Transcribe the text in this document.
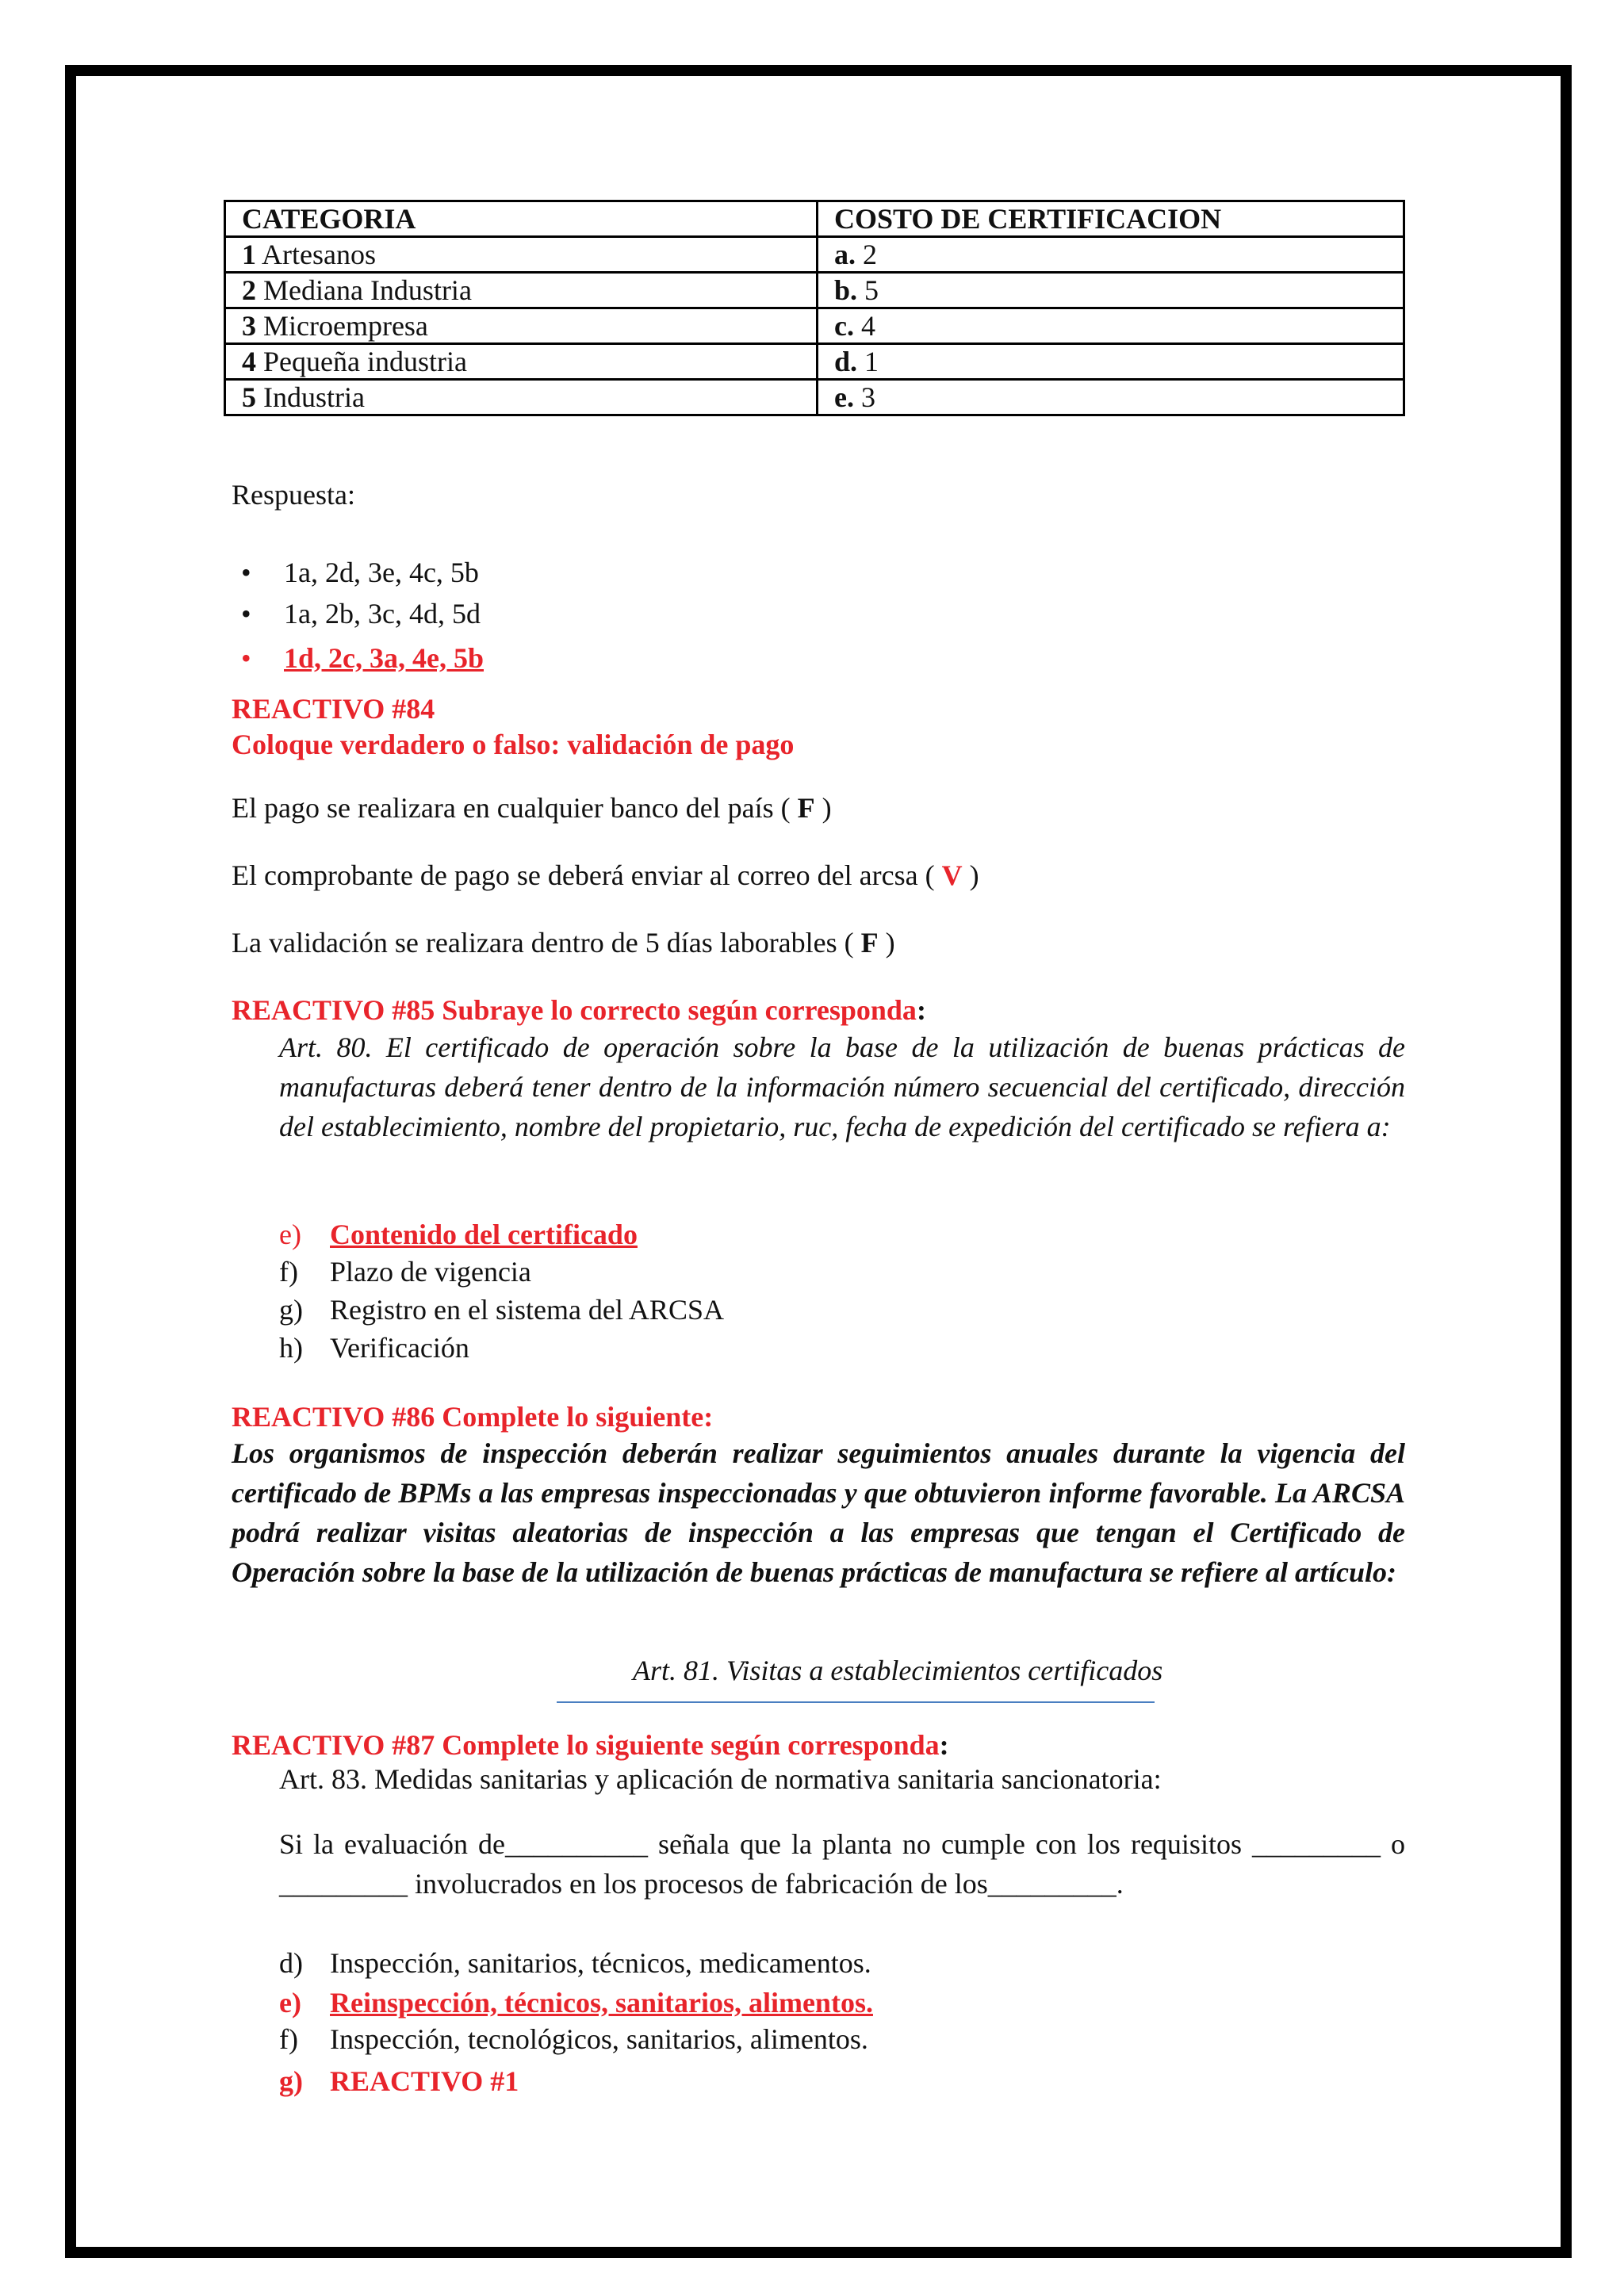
CATEGORIA	COSTO DE CERTIFICACION
1 Artesanos	a. 2
2 Mediana Industria	b. 5
3 Microempresa	c. 4
4 Pequeña industria	d. 1
5 Industria	e. 3
Respuesta:
• 1a, 2d, 3e, 4c, 5b
• 1a, 2b, 3c, 4d, 5d
• 1d, 2c, 3a, 4e, 5b
REACTIVO #84
Coloque verdadero o falso: validación de pago
El pago se realizara en cualquier banco del país ( F )
El comprobante de pago se deberá enviar al correo del arcsa ( V )
La validación se realizara dentro de 5 días laborables ( F )
REACTIVO #85 Subraye lo correcto según corresponda:
Art. 80. El certificado de operación sobre la base de la utilización de buenas prácticas de manufacturas deberá tener dentro de la información número secuencial del certificado, dirección del establecimiento, nombre del propietario, ruc, fecha de expedición del certificado se refiera a:
e) Contenido del certificado
f) Plazo de vigencia
g) Registro en el sistema del ARCSA
h) Verificación
REACTIVO #86 Complete lo siguiente:
Los organismos de inspección deberán realizar seguimientos anuales durante la vigencia del certificado de BPMs a las empresas inspeccionadas y que obtuvieron informe favorable. La ARCSA podrá realizar visitas aleatorias de inspección a las empresas que tengan el Certificado de Operación sobre la base de la utilización de buenas prácticas de manufactura se refiere al artículo:
Art. 81. Visitas a establecimientos certificados
REACTIVO #87 Complete lo siguiente según corresponda:
Art. 83. Medidas sanitarias y aplicación de normativa sanitaria sancionatoria:
Si la evaluación de__________ señala que la planta no cumple con los requisitos _________ o _________ involucrados en los procesos de fabricación de los_________.
d) Inspección, sanitarios, técnicos, medicamentos.
e) Reinspección, técnicos, sanitarios, alimentos.
f) Inspección, tecnológicos, sanitarios, alimentos.
g) REACTIVO #1
